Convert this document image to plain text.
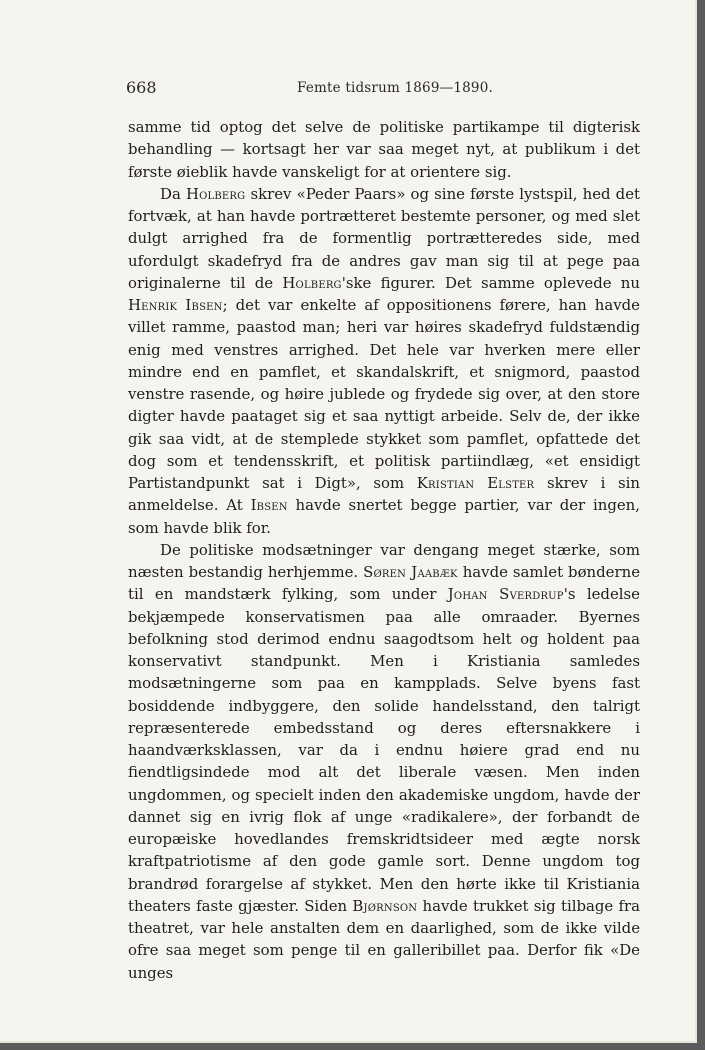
668	Femte tidsrum 1869—1890.

samme tid optog det selve de politiske partikampe til digterisk behandling — kortsagt her var saa meget nyt, at publikum i det første øieblik havde vanskeligt for at orientere sig.

Da Holberg skrev «Peder Paars» og sine første lystspil, hed det fortvæk, at han havde portrætteret bestemte personer, og med slet dulgt arrighed fra de formentlig portrætteredes side, med ufordulgt skadefryd fra de andres gav man sig til at pege paa originalerne til de Holberg'ske figurer. Det samme oplevede nu Henrik Ibsen; det var enkelte af oppositionens førere, han havde villet ramme, paastod man; heri var høires skadefryd fuldstændig enig med venstres arrighed. Det hele var hverken mere eller mindre end en pamflet, et skandalskrift, et snigmord, paastod venstre rasende, og høire jublede og frydede sig over, at den store digter havde paataget sig et saa nyttigt arbeide. Selv de, der ikke gik saa vidt, at de stemplede stykket som pamflet, opfattede det dog som et tendensskrift, et politisk partiindlæg, «et ensidigt Partistandpunkt sat i Digt», som Kristian Elster skrev i sin anmeldelse. At Ibsen havde snertet begge partier, var der ingen, som havde blik for.

De politiske modsætninger var dengang meget stærke, som næsten bestandig herhjemme. Søren Jaabæk havde samlet bønderne til en mandstærk fylking, som under Johan Sverdrup's ledelse bekjæmpede konservatismen paa alle omraader. Byernes befolkning stod derimod endnu saagodtsom helt og holdent paa konservativt standpunkt. Men i Kristiania samledes modsætningerne som paa en kampplads. Selve byens fast bosiddende indbyggere, den solide handelsstand, den talrigt repræsenterede embedsstand og deres eftersnakkere i haandværksklassen, var da i endnu høiere grad end nu fiendtligsindede mod alt det liberale væsen. Men inden ungdommen, og specielt inden den akademiske ungdom, havde der dannet sig en ivrig flok af unge «radikalere», der forbandt de europæiske hovedlandes fremskridtsideer med ægte norsk kraftpatriotisme af den gode gamle sort. Denne ungdom tog brandrød forargelse af stykket. Men den hørte ikke til Kristiania theaters faste gjæster. Siden Bjørnson havde trukket sig tilbage fra theatret, var hele anstalten dem en daarlighed, som de ikke vilde ofre saa meget som penge til en galleribillet paa. Derfor fik «De unges
